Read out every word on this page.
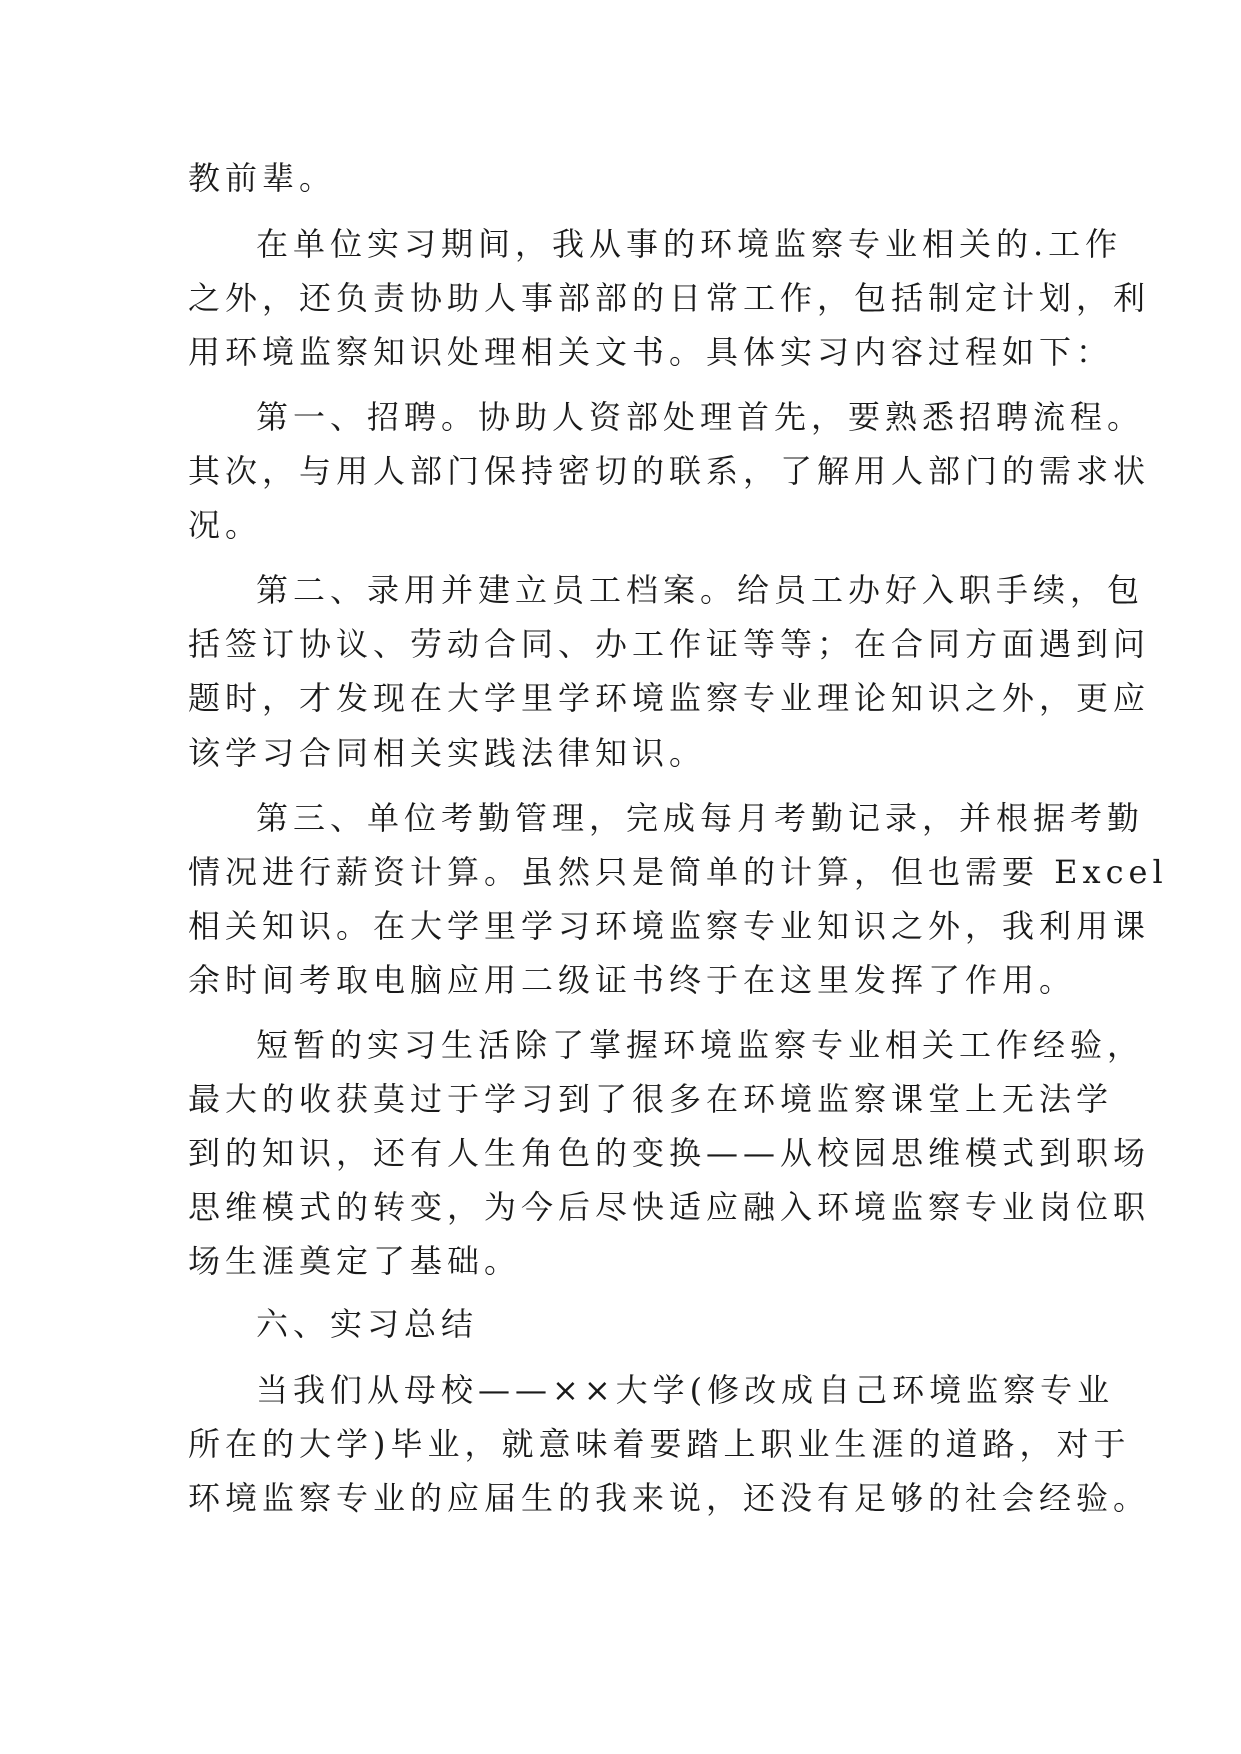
教前辈。
在单位实习期间，我从事的环境监察专业相关的.工作
之外，还负责协助人事部部的日常工作，包括制定计划，利
用环境监察知识处理相关文书。具体实习内容过程如下：
第一、招聘。协助人资部处理首先，要熟悉招聘流程。
其次，与用人部门保持密切的联系，了解用人部门的需求状
况。
第二、录用并建立员工档案。给员工办好入职手续，包
括签订协议、劳动合同、办工作证等等；在合同方面遇到问
题时，才发现在大学里学环境监察专业理论知识之外，更应
该学习合同相关实践法律知识。
第三、单位考勤管理，完成每月考勤记录，并根据考勤
情况进行薪资计算。虽然只是简单的计算，但也需要 Excel
相关知识。在大学里学习环境监察专业知识之外，我利用课
余时间考取电脑应用二级证书终于在这里发挥了作用。
短暂的实习生活除了掌握环境监察专业相关工作经验，
最大的收获莫过于学习到了很多在环境监察课堂上无法学
到的知识，还有人生角色的变换——从校园思维模式到职场
思维模式的转变，为今后尽快适应融入环境监察专业岗位职
场生涯奠定了基础。
六、实习总结
当我们从母校——××大学(修改成自己环境监察专业
所在的大学)毕业，就意味着要踏上职业生涯的道路，对于
环境监察专业的应届生的我来说，还没有足够的社会经验。
